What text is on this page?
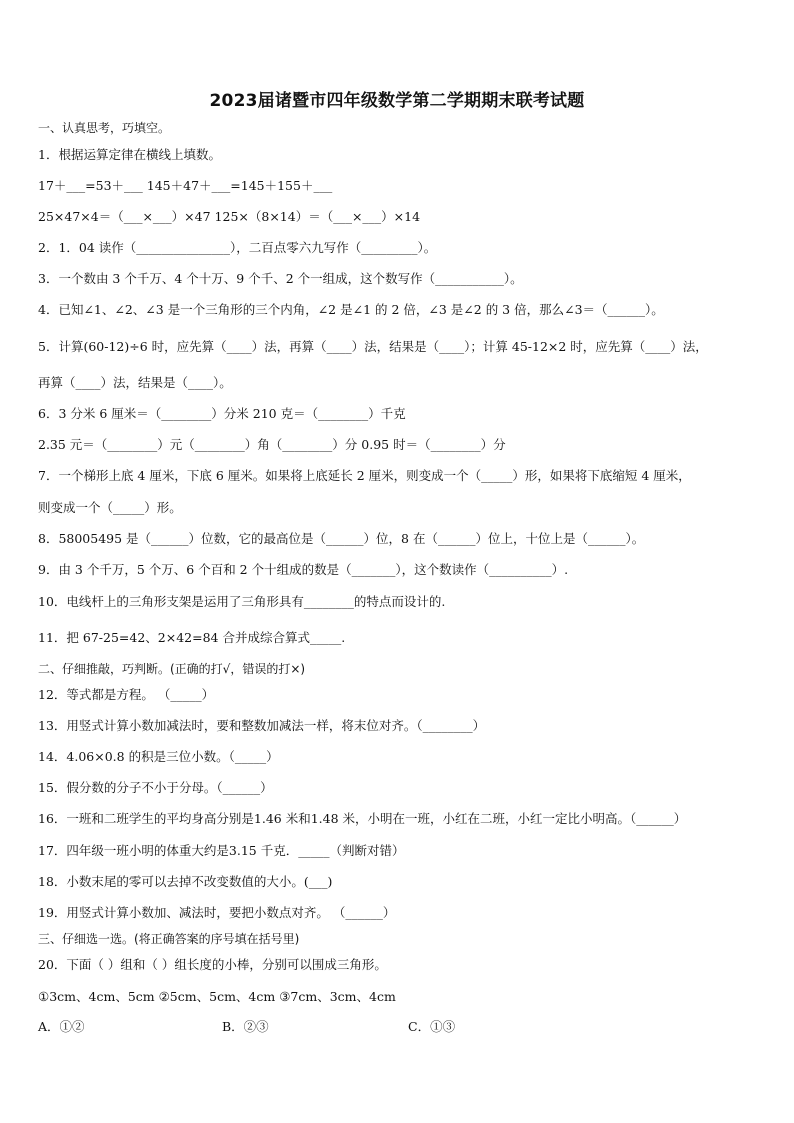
2023届诸暨市四年级数学第二学期期末联考试题
一、认真思考，巧填空。
1．根据运算定律在横线上填数。
17＋___=53＋___ 145＋47＋___=145＋155＋___
25×47×4＝（___×___）×47 125×（8×14）＝（___×___）×14
2．1．04 读作（_______________），二百点零六九写作（_________）。
3．一个数由 3 个千万、4 个十万、9 个千、2 个一组成，这个数写作（___________）。
4．已知∠1、∠2、∠3 是一个三角形的三个内角，∠2 是∠1 的 2 倍，∠3 是∠2 的 3 倍，那么∠3＝（______）。
5．计算(60-12)÷6 时，应先算（____）法，再算（____）法，结果是（____）；计算 45-12×2 时，应先算（____）法，
再算（____）法，结果是（____）。
6．3 分米 6 厘米＝（________）分米 210 克＝（________）千克
2.35 元＝（________）元（________）角（________）分 0.95 时＝（________）分
7．一个梯形上底 4 厘米，下底 6 厘米。如果将上底延长 2 厘米，则变成一个（_____）形，如果将下底缩短 4 厘米，
则变成一个（_____）形。
8．58005495 是（______）位数，它的最高位是（______）位，8 在（______）位上，十位上是（______）。
9．由 3 个千万，5 个万、6 个百和 2 个十组成的数是（_______），这个数读作（__________）.
10．电线杆上的三角形支架是运用了三角形具有________的特点而设计的.
11．把 67-25=42、2×42=84 合并成综合算式_____.
二、仔细推敲，巧判断。(正确的打√，错误的打×)
12．等式都是方程。 （_____）
13．用竖式计算小数加减法时，要和整数加减法一样，将末位对齐。（________）
14．4.06×0.8 的积是三位小数。（_____）
15．假分数的分子不小于分母。（______）
16．一班和二班学生的平均身高分别是1.46 米和1.48 米，小明在一班，小红在二班，小红一定比小明高。（______）
17．四年级一班小明的体重大约是3.15 千克．_____（判断对错）
18．小数末尾的零可以去掉不改变数值的大小。(___)
19．用竖式计算小数加、减法时，要把小数点对齐。 （______）
三、仔细选一选。(将正确答案的序号填在括号里)
20．下面（ ）组和（ ）组长度的小棒，分别可以围成三角形。
①3cm、4cm、5cm ②5cm、5cm、4cm ③7cm、3cm、4cm
A．①②	B．②③	C．①③
